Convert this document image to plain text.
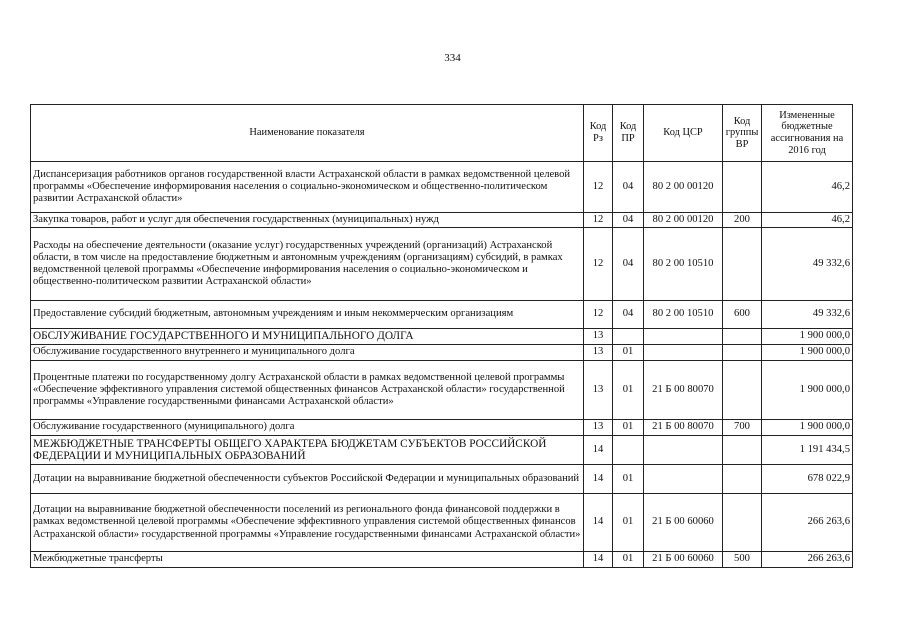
334
Наименование показателя	Код Рз	Код ПР	Код ЦСР	Код группы ВР	Измененные бюджетные ассигнования на 2016 год
Диспансеризация работников органов государственной власти Астраханской области в рамках ведомственной целевой программы «Обеспечение информирования населения о социально-экономическом и общественно-политическом развитии Астраханской области»	12	04	80 2 00 00120		46,2
Закупка товаров, работ и услуг для обеспечения государственных (муниципальных) нужд	12	04	80 2 00 00120	200	46,2
Расходы на обеспечение деятельности (оказание услуг) государственных учреждений (организаций) Астраханской области, в том числе на предоставление бюджетным и автономным учреждениям (организациям) субсидий, в рамках ведомственной целевой программы «Обеспечение информирования населения о социально-экономическом и общественно-политическом развитии Астраханской области»	12	04	80 2 00 10510		49 332,6
Предоставление субсидий бюджетным, автономным учреждениям и иным некоммерческим организациям	12	04	80 2 00 10510	600	49 332,6
ОБСЛУЖИВАНИЕ ГОСУДАРСТВЕННОГО И МУНИЦИПАЛЬНОГО ДОЛГА	13				1 900 000,0
Обслуживание государственного внутреннего и муниципального долга	13	01			1 900 000,0
Процентные платежи по государственному долгу Астраханской области в рамках ведомственной целевой программы «Обеспечение эффективного управления системой общественных финансов Астраханской области» государственной программы «Управление государственными финансами Астраханской области»	13	01	21 Б 00 80070		1 900 000,0
Обслуживание государственного (муниципального) долга	13	01	21 Б 00 80070	700	1 900 000,0
МЕЖБЮДЖЕТНЫЕ ТРАНСФЕРТЫ ОБЩЕГО ХАРАКТЕРА БЮДЖЕТАМ СУБЪЕКТОВ РОССИЙСКОЙ ФЕДЕРАЦИИ И МУНИЦИПАЛЬНЫХ ОБРАЗОВАНИЙ	14				1 191 434,5
Дотации на выравнивание бюджетной обеспеченности субъектов Российской Федерации и муниципальных образований	14	01			678 022,9
Дотации на выравнивание бюджетной обеспеченности поселений из регионального фонда финансовой поддержки в рамках ведомственной целевой программы «Обеспечение эффективного управления системой общественных финансов Астраханской области» государственной программы «Управление государственными финансами Астраханской области»	14	01	21 Б 00 60060		266 263,6
Межбюджетные трансферты	14	01	21 Б 00 60060	500	266 263,6
